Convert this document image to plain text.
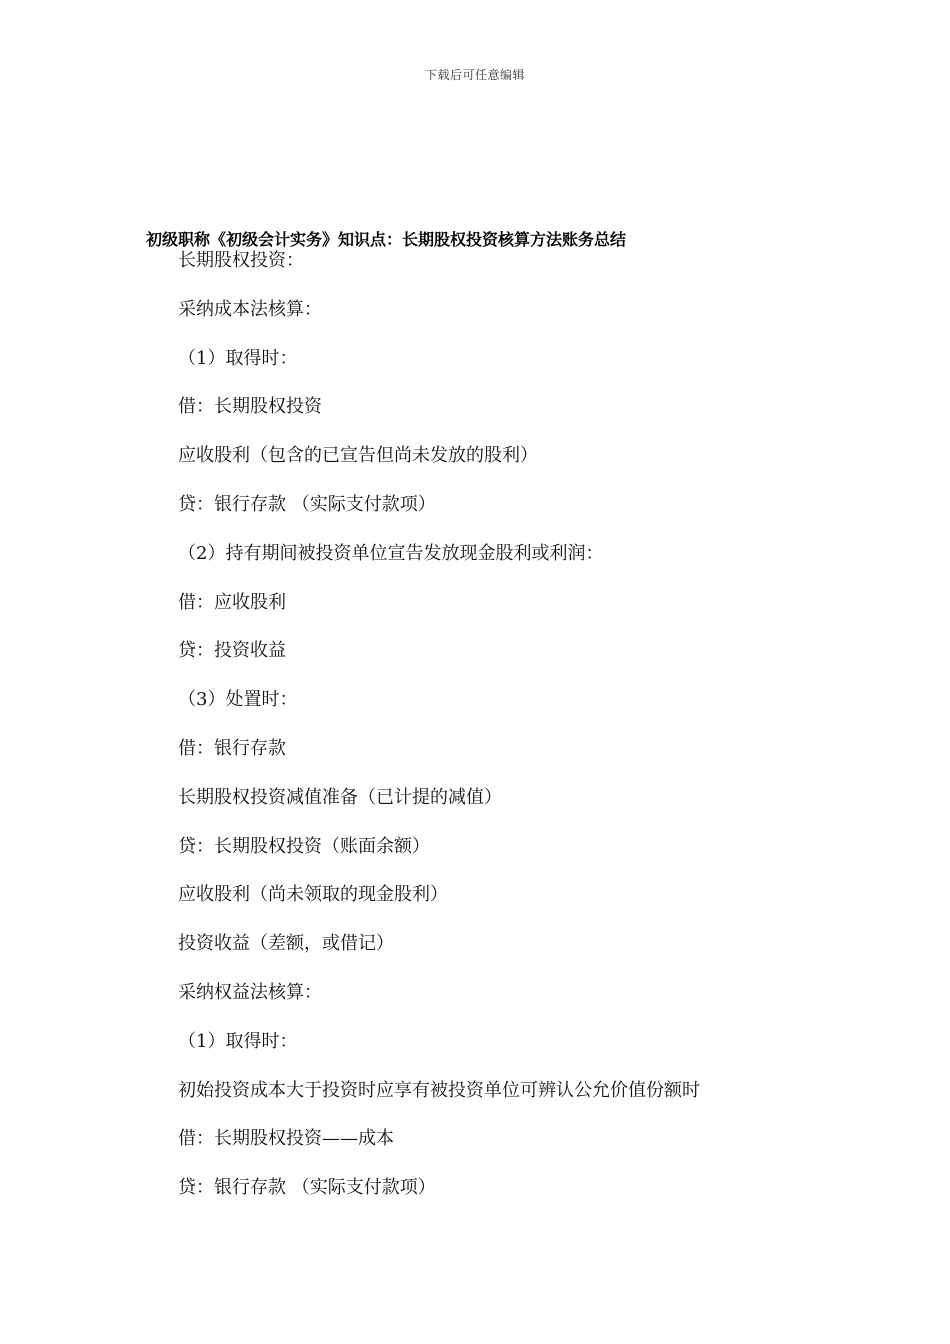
下载后可任意编辑
初级职称《初级会计实务》知识点：长期股权投资核算方法账务总结
长期股权投资：
采纳成本法核算：
（1）取得时：
借：长期股权投资
应收股利（包含的已宣告但尚未发放的股利）
贷：银行存款 （实际支付款项）
（2）持有期间被投资单位宣告发放现金股利或利润：
借：应收股利
贷：投资收益
（3）处置时：
借：银行存款
长期股权投资减值准备（已计提的减值）
贷：长期股权投资（账面余额）
应收股利（尚未领取的现金股利）
投资收益（差额，或借记）
采纳权益法核算：
（1）取得时：
初始投资成本大于投资时应享有被投资单位可辨认公允价值份额时
借：长期股权投资——成本
贷：银行存款 （实际支付款项）
